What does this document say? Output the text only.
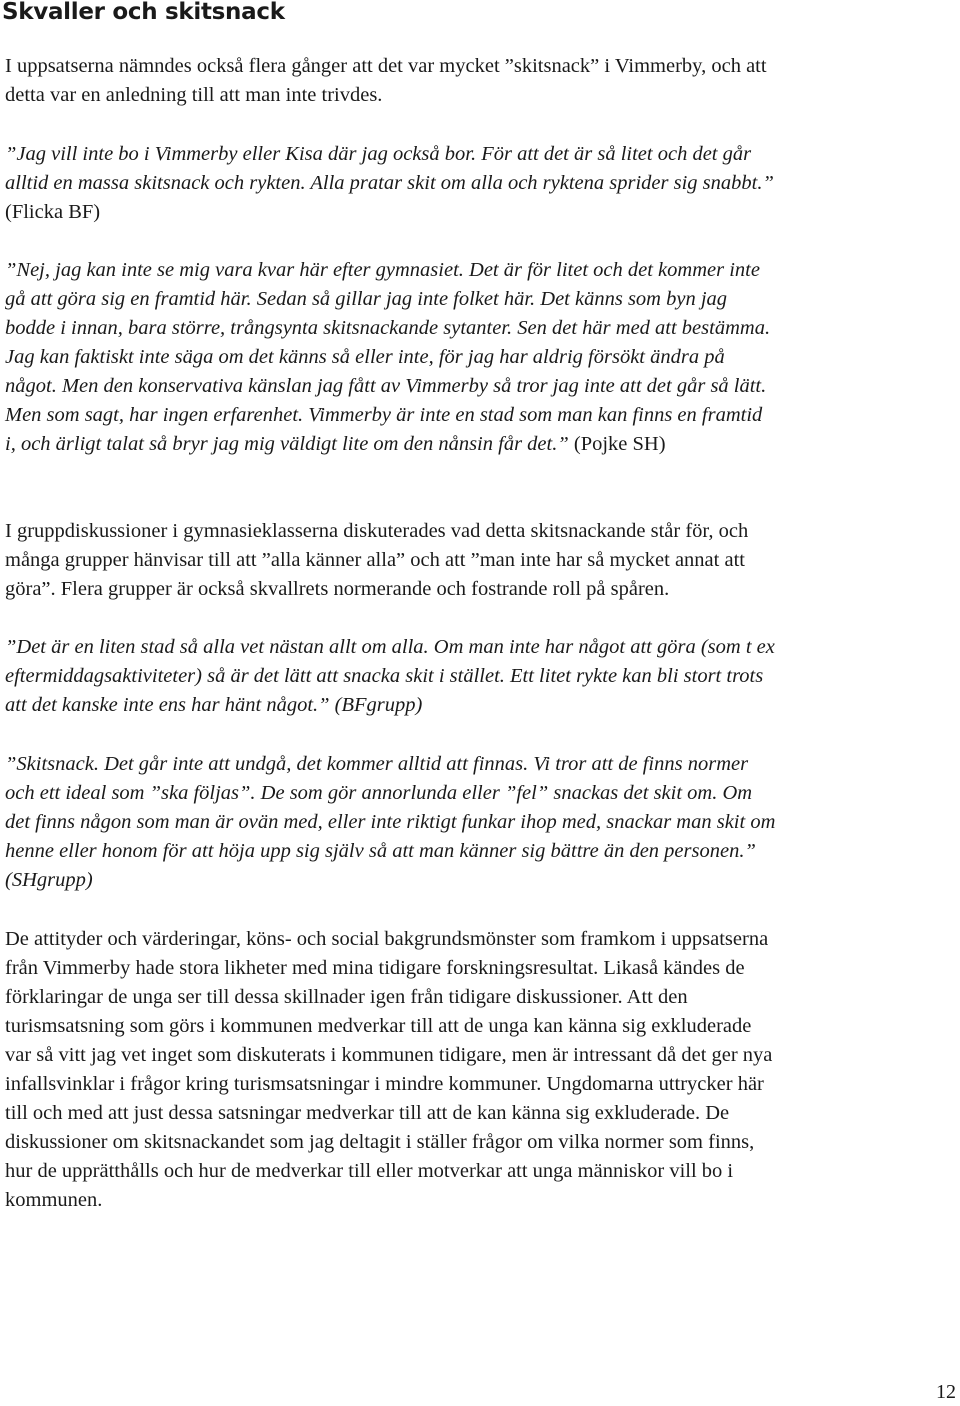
Skvaller och skitsnack

I uppsatserna nämndes också flera gånger att det var mycket ”skitsnack” i Vimmerby, och att
detta var en anledning till att man inte trivdes.

”Jag vill inte bo i Vimmerby eller Kisa där jag också bor. För att det är så litet och det går
alltid en massa skitsnack och rykten. Alla pratar skit om alla och ryktena sprider sig snabbt.”
(Flicka BF)

”Nej, jag kan inte se mig vara kvar här efter gymnasiet. Det är för litet och det kommer inte
gå att göra sig en framtid här. Sedan så gillar jag inte folket här. Det känns som byn jag
bodde i innan, bara större, trångsynta skitsnackande sytanter. Sen det här med att bestämma.
Jag kan faktiskt inte säga om det känns så eller inte, för jag har aldrig försökt ändra på
något. Men den konservativa känslan jag fått av Vimmerby så tror jag inte att det går så lätt.
Men som sagt, har ingen erfarenhet. Vimmerby är inte en stad som man kan finns en framtid
i, och ärligt talat så bryr jag mig väldigt lite om den nånsin får det.” (Pojke SH)

I gruppdiskussioner i gymnasieklasserna diskuterades vad detta skitsnackande står för, och
många grupper hänvisar till att ”alla känner alla” och att ”man inte har så mycket annat att
göra”. Flera grupper är också skvallrets normerande och fostrande roll på spåren.

”Det är en liten stad så alla vet nästan allt om alla. Om man inte har något att göra (som t ex
eftermiddagsaktiviteter) så är det lätt att snacka skit i stället. Ett litet rykte kan bli stort trots
att det kanske inte ens har hänt något.” (BFgrupp)

”Skitsnack. Det går inte att undgå, det kommer alltid att finnas. Vi tror att de finns normer
och ett ideal som ”ska följas”. De som gör annorlunda eller ”fel” snackas det skit om. Om
det finns någon som man är ovän med, eller inte riktigt funkar ihop med, snackar man skit om
henne eller honom för att höja upp sig själv så att man känner sig bättre än den personen.”
(SHgrupp)

De attityder och värderingar, köns- och social bakgrundsmönster som framkom i uppsatserna
från Vimmerby hade stora likheter med mina tidigare forskningsresultat. Likaså kändes de
förklaringar de unga ser till dessa skillnader igen från tidigare diskussioner. Att den
turismsatsning som görs i kommunen medverkar till att de unga kan känna sig exkluderade
var så vitt jag vet inget som diskuterats i kommunen tidigare, men är intressant då det ger nya
infallsvinklar i frågor kring turismsatsningar i mindre kommuner. Ungdomarna uttrycker här
till och med att just dessa satsningar medverkar till att de kan känna sig exkluderade. De
diskussioner om skitsnackandet som jag deltagit i ställer frågor om vilka normer som finns,
hur de upprätthålls och hur de medverkar till eller motverkar att unga människor vill bo i
kommunen.

12
